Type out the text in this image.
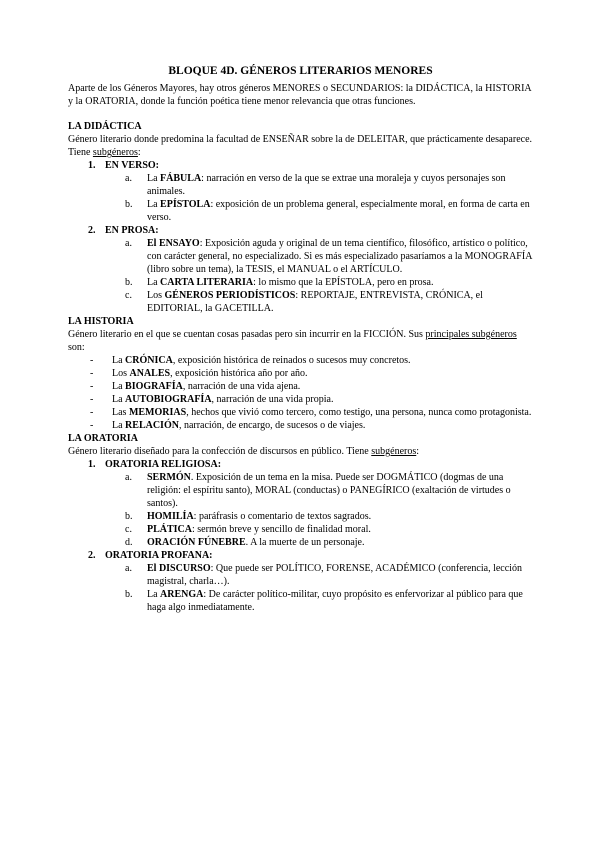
BLOQUE 4D. GÉNEROS LITERARIOS MENORES

Aparte de los Géneros Mayores, hay otros géneros MENORES o SECUNDARIOS: la DIDÁCTICA, la HISTORIA y la ORATORIA, donde la función poética tiene menor relevancia que otras funciones.

LA DIDÁCTICA

Género literario donde predomina la facultad de ENSEÑAR sobre la de DELEITAR, que prácticamente desaparece. Tiene subgéneros:

1. EN VERSO:
a.	La FÁBULA: narración en verso de la que se extrae una moraleja y cuyos personajes son animales.
b.	La EPÍSTOLA: exposición de un problema general, especialmente moral, en forma de carta en verso.
2. EN PROSA:
a.	El ENSAYO: Exposición aguda y original de un tema científico, filosófico, artístico o político, con carácter general, no especializado. Si es más especializado pasaríamos a la MONOGRAFÍA (libro sobre un tema), la TESIS, el MANUAL o el ARTÍCULO.
b.	La CARTA LITERARIA: lo mismo que la EPÍSTOLA, pero en prosa.
c.	Los GÉNEROS PERIODÍSTICOS: REPORTAJE, ENTREVISTA, CRÓNICA, el EDITORIAL, la GACETILLA.
LA HISTORIA

Género literario en el que se cuentan cosas pasadas pero sin incurrir en la FICCIÓN. Sus principales subgéneros son:

-	La CRÓNICA, exposición histórica de reinados o sucesos muy concretos.
-	Los ANALES, exposición histórica año por año.
-	La BIOGRAFÍA, narración de una vida ajena.
-	La AUTOBIOGRAFÍA, narración de una vida propia.
-	Las MEMORIAS, hechos que vivió como tercero, como testigo, una persona, nunca como protagonista.
-	La RELACIÓN, narración, de encargo, de sucesos o de viajes.
LA ORATORIA

Género literario diseñado para la confección de discursos en público. Tiene subgéneros:

1. ORATORIA RELIGIOSA:
a.	SERMÓN. Exposición de un tema en la misa. Puede ser DOGMÁTICO (dogmas de una religión: el espíritu santo), MORAL (conductas) o PANEGÍRICO (exaltación de virtudes o santos).
b.	HOMILÍA: paráfrasis o comentario de textos sagrados.
c.	PLÁTICA: sermón breve y sencillo de finalidad moral.
d.	ORACIÓN FÚNEBRE. A la muerte de un personaje.
2. ORATORIA PROFANA:
a.	El DISCURSO: Que puede ser POLÍTICO, FORENSE, ACADÉMICO (conferencia, lección magistral, charla…).
b.	La ARENGA: De carácter político-militar, cuyo propósito es enfervorizar al público para que haga algo inmediatamente.
